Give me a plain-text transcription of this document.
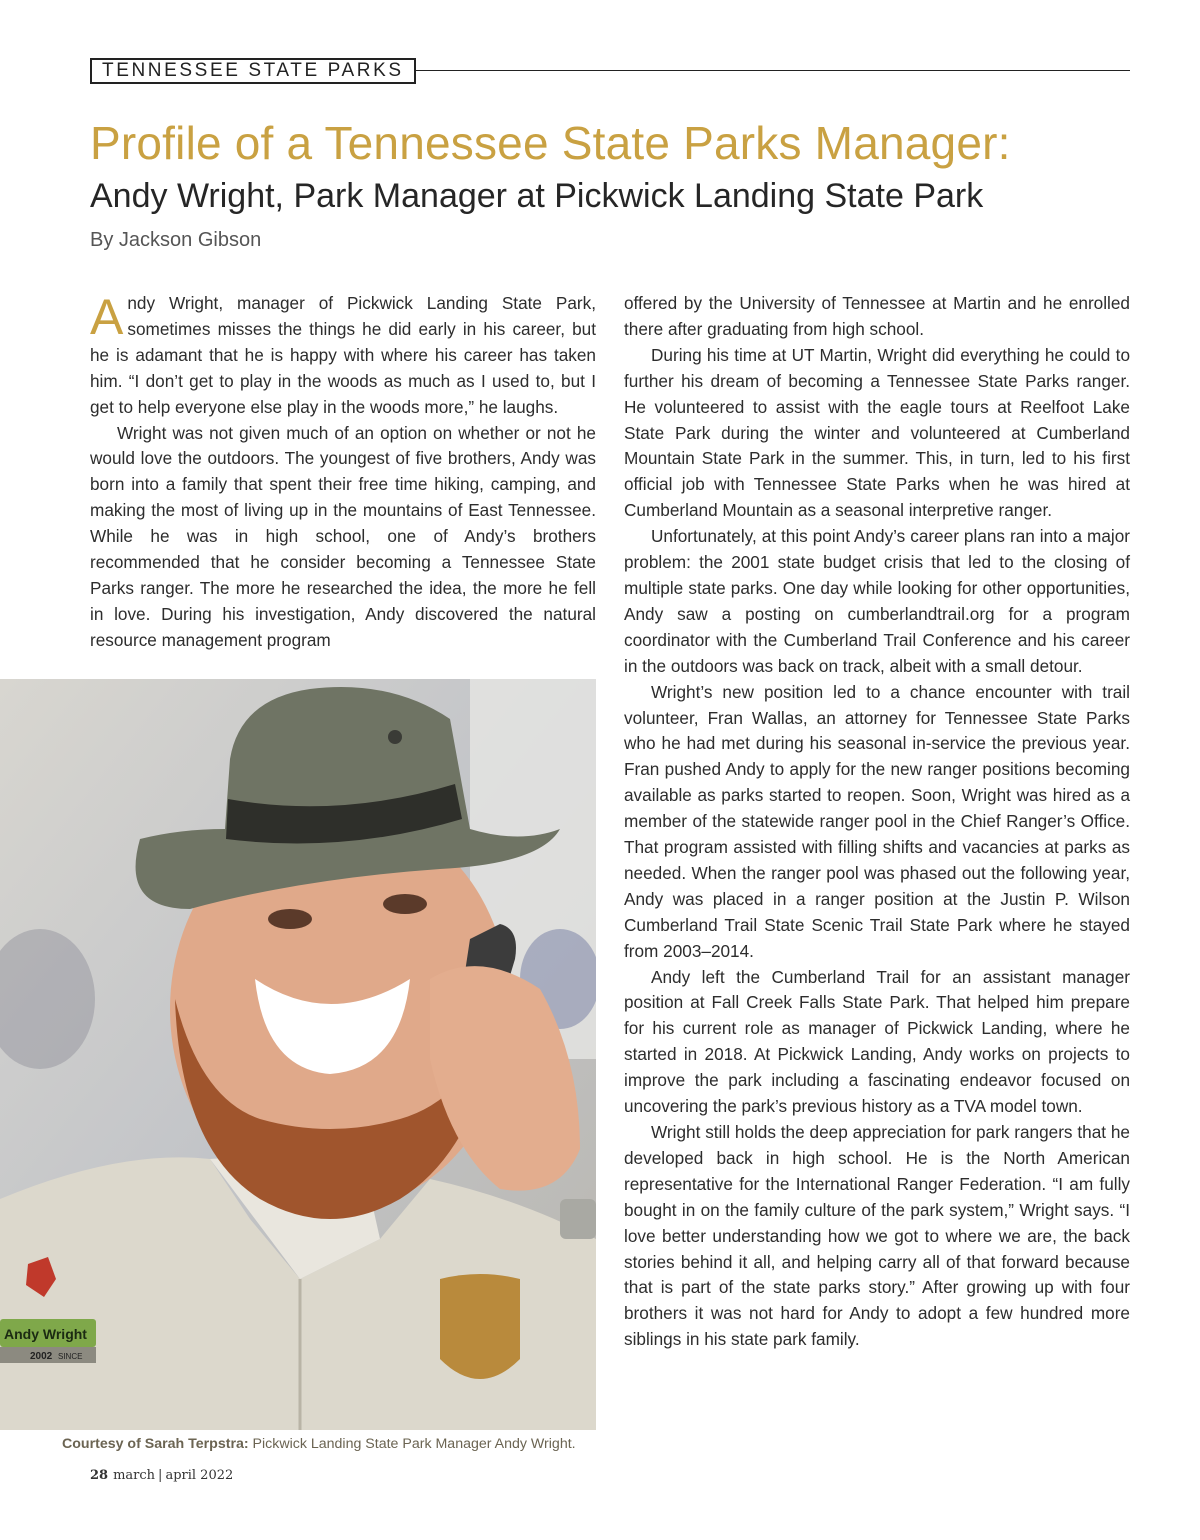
TENNESSEE STATE PARKS
Profile of a Tennessee State Parks Manager:
Andy Wright, Park Manager at Pickwick Landing State Park
By Jackson Gibson

Andy Wright, manager of Pickwick Landing State Park, sometimes misses the things he did early in his career, but he is adamant that he is happy with where his career has taken him. “I don’t get to play in the woods as much as I used to, but I get to help everyone else play in the woods more,” he laughs.

Wright was not given much of an option on whether or not he would love the outdoors. The youngest of five brothers, Andy was born into a family that spent their free time hiking, camping, and making the most of living up in the mountains of East Tennessee. While he was in high school, one of Andy’s brothers recommended that he consider becoming a Tennessee State Parks ranger. The more he researched the idea, the more he fell in love. During his investigation, Andy discovered the natural resource management program

Andy Wright
2002 SINCE
Courtesy of Sarah Terpstra: Pickwick Landing State Park Manager Andy Wright.

offered by the University of Tennessee at Martin and he enrolled there after graduating from high school.

During his time at UT Martin, Wright did everything he could to further his dream of becoming a Tennessee State Parks ranger. He volunteered to assist with the eagle tours at Reelfoot Lake State Park during the winter and volunteered at Cumberland Mountain State Park in the summer. This, in turn, led to his first official job with Tennessee State Parks when he was hired at Cumberland Mountain as a seasonal interpretive ranger.

Unfortunately, at this point Andy’s career plans ran into a major problem: the 2001 state budget crisis that led to the closing of multiple state parks. One day while looking for other opportunities, Andy saw a posting on cumberlandtrail.org for a program coordinator with the Cumberland Trail Conference and his career in the outdoors was back on track, albeit with a small detour.

Wright’s new position led to a chance encounter with trail volunteer, Fran Wallas, an attorney for Tennessee State Parks who he had met during his seasonal in-service the previous year. Fran pushed Andy to apply for the new ranger positions becoming available as parks started to reopen. Soon, Wright was hired as a member of the statewide ranger pool in the Chief Ranger’s Office. That program assisted with filling shifts and vacancies at parks as needed. When the ranger pool was phased out the following year, Andy was placed in a ranger position at the Justin P. Wilson Cumberland Trail State Scenic Trail State Park where he stayed from 2003–2014.

Andy left the Cumberland Trail for an assistant manager position at Fall Creek Falls State Park. That helped him prepare for his current role as manager of Pickwick Landing, where he started in 2018. At Pickwick Landing, Andy works on projects to improve the park including a fascinating endeavor focused on uncovering the park’s previous history as a TVA model town.

Wright still holds the deep appreciation for park rangers that he developed back in high school. He is the North American representative for the International Ranger Federation. “I am fully bought in on the family culture of the park system,” Wright says. “I love better understanding how we got to where we are, the back stories behind it all, and helping carry all of that forward because that is part of the state parks story.” After growing up with four brothers it was not hard for Andy to adopt a few hundred more siblings in his state park family.

28 march | april 2022
